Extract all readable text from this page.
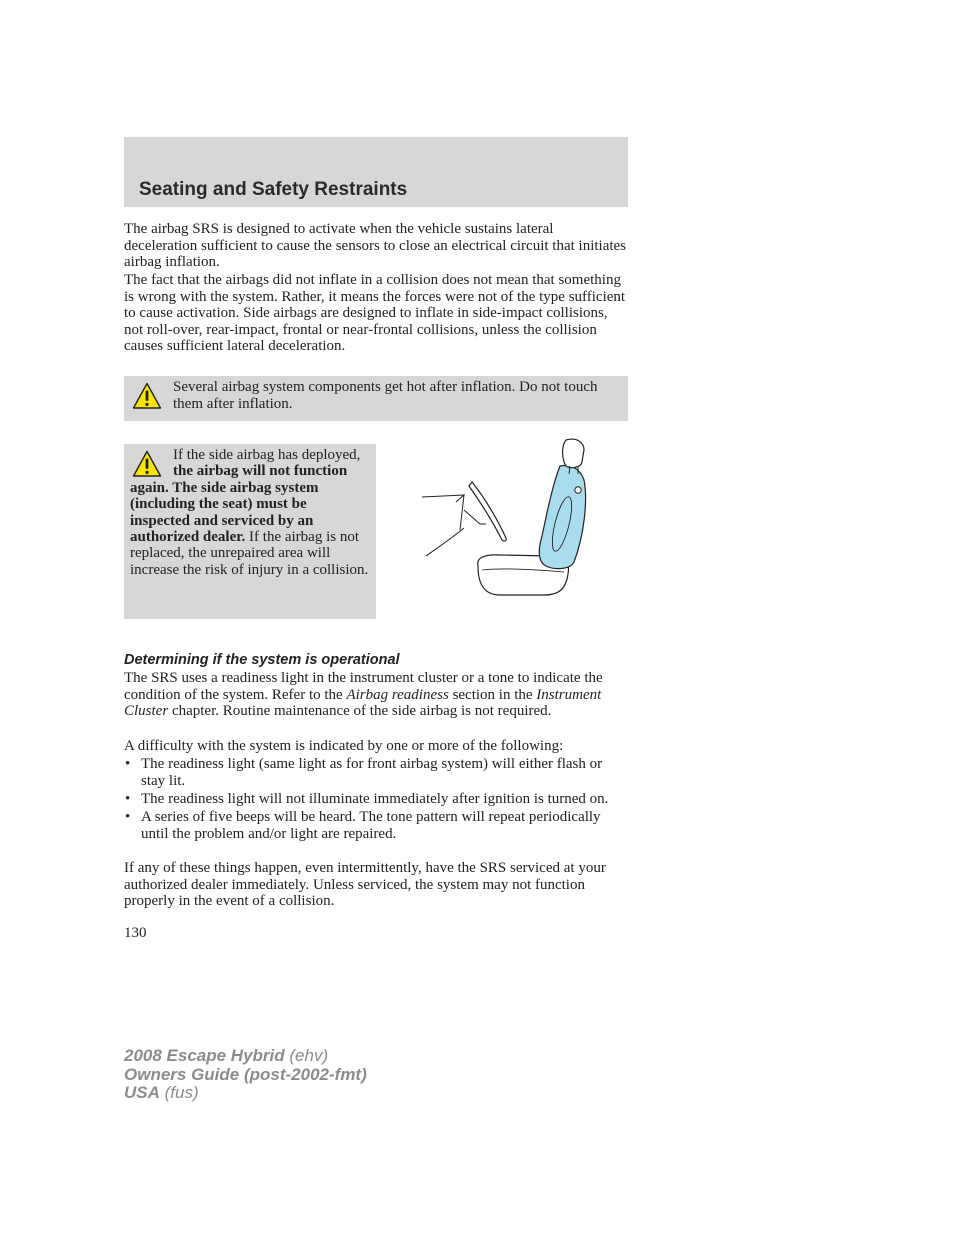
Seating and Safety Restraints

The airbag SRS is designed to activate when the vehicle sustains lateral deceleration sufficient to cause the sensors to close an electrical circuit that initiates airbag inflation.

The fact that the airbags did not inflate in a collision does not mean that something is wrong with the system. Rather, it means the forces were not of the type sufficient to cause activation. Side airbags are designed to inflate in side-impact collisions, not roll-over, rear-impact, frontal or near-frontal collisions, unless the collision causes sufficient lateral deceleration.

Several airbag system components get hot after inflation. Do not touch them after inflation.
If the side airbag has deployed, the airbag will not function again. The side airbag system (including the seat) must be inspected and serviced by an authorized dealer. If the airbag is not replaced, the unrepaired area will increase the risk of injury in a collision.
Determining if the system is operational

The SRS uses a readiness light in the instrument cluster or a tone to indicate the condition of the system. Refer to the Airbag readiness section in the Instrument Cluster chapter. Routine maintenance of the side airbag is not required.

A difficulty with the system is indicated by one or more of the following:

• The readiness light (same light as for front airbag system) will either flash or stay lit.
• The readiness light will not illuminate immediately after ignition is turned on.
• A series of five beeps will be heard. The tone pattern will repeat periodically until the problem and/or light are repaired.

If any of these things happen, even intermittently, have the SRS serviced at your authorized dealer immediately. Unless serviced, the system may not function properly in the event of a collision.

130
2008 Escape Hybrid (ehv)
Owners Guide (post-2002-fmt)
USA (fus)
